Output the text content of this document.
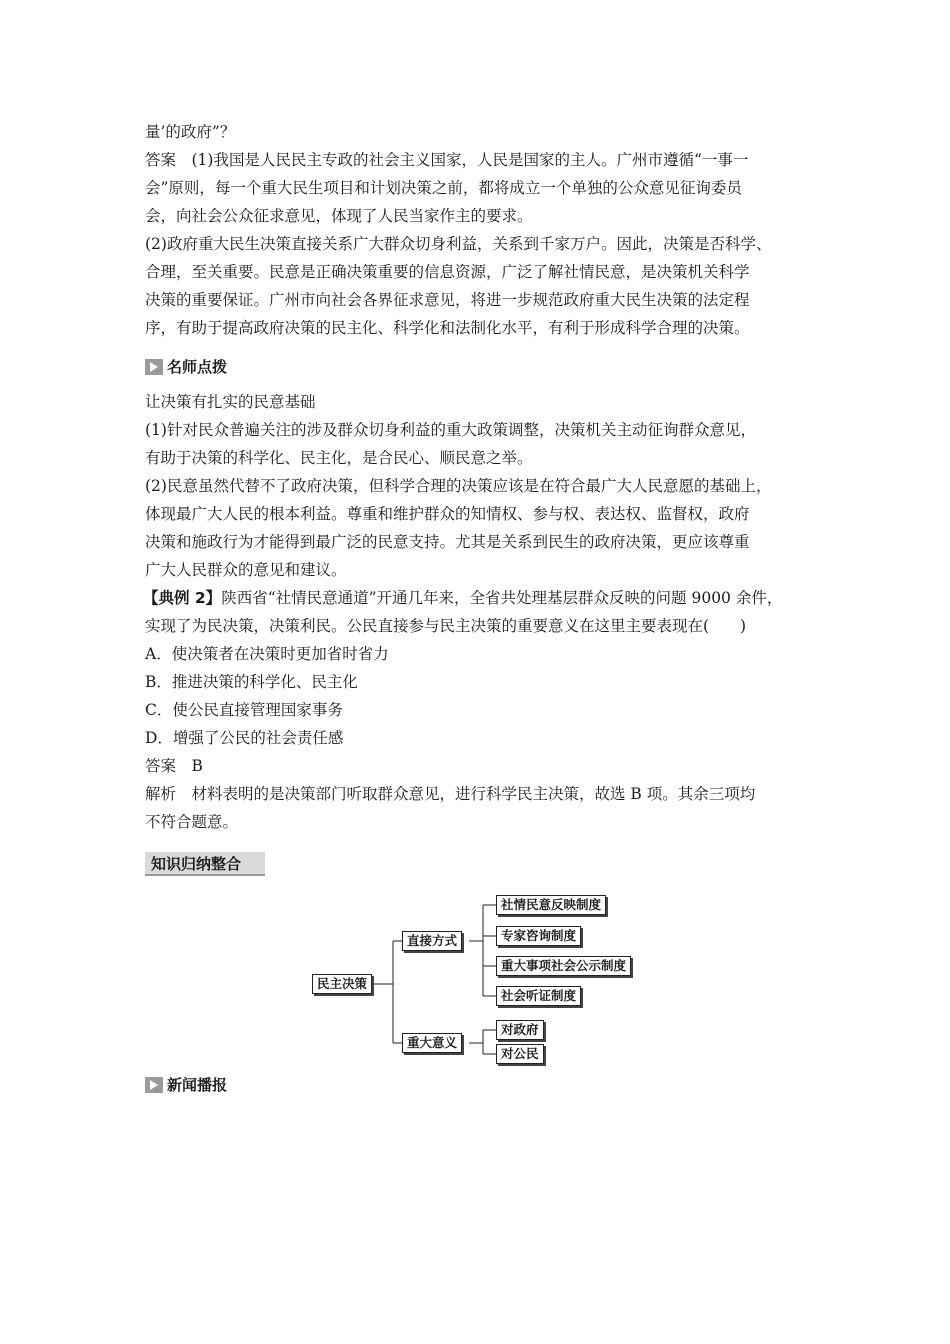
量’的政府”？
答案　(1)我国是人民民主专政的社会主义国家，人民是国家的主人。广州市遵循“一事一
会”原则，每一个重大民生项目和计划决策之前，都将成立一个单独的公众意见征询委员
会，向社会公众征求意见，体现了人民当家作主的要求。
(2)政府重大民生决策直接关系广大群众切身利益，关系到千家万户。因此，决策是否科学、
合理，至关重要。民意是正确决策重要的信息资源，广泛了解社情民意，是决策机关科学
决策的重要保证。广州市向社会各界征求意见，将进一步规范政府重大民生决策的法定程
序，有助于提高政府决策的民主化、科学化和法制化水平，有利于形成科学合理的决策。
名师点拨
让决策有扎实的民意基础
(1)针对民众普遍关注的涉及群众切身利益的重大政策调整，决策机关主动征询群众意见，
有助于决策的科学化、民主化，是合民心、顺民意之举。
(2)民意虽然代替不了政府决策，但科学合理的决策应该是在符合最广大人民意愿的基础上，
体现最广大人民的根本利益。尊重和维护群众的知情权、参与权、表达权、监督权，政府
决策和施政行为才能得到最广泛的民意支持。尤其是关系到民生的政府决策，更应该尊重
广大人民群众的意见和建议。
【典例 2】陕西省“社情民意通道”开通几年来，全省共处理基层群众反映的问题 9000 余件，
实现了为民决策，决策利民。公民直接参与民主决策的重要意义在这里主要表现在(　　)
A．使决策者在决策时更加省时省力
B．推进决策的科学化、民主化
C．使公民直接管理国家事务
D．增强了公民的社会责任感
答案　B
解析　材料表明的是决策部门听取群众意见，进行科学民主决策，故选 B 项。其余三项均
不符合题意。
知识归纳整合
民主决策
直接方式
重大意义
社情民意反映制度
专家咨询制度
重大事项社会公示制度
社会听证制度
对政府
对公民
新闻播报
